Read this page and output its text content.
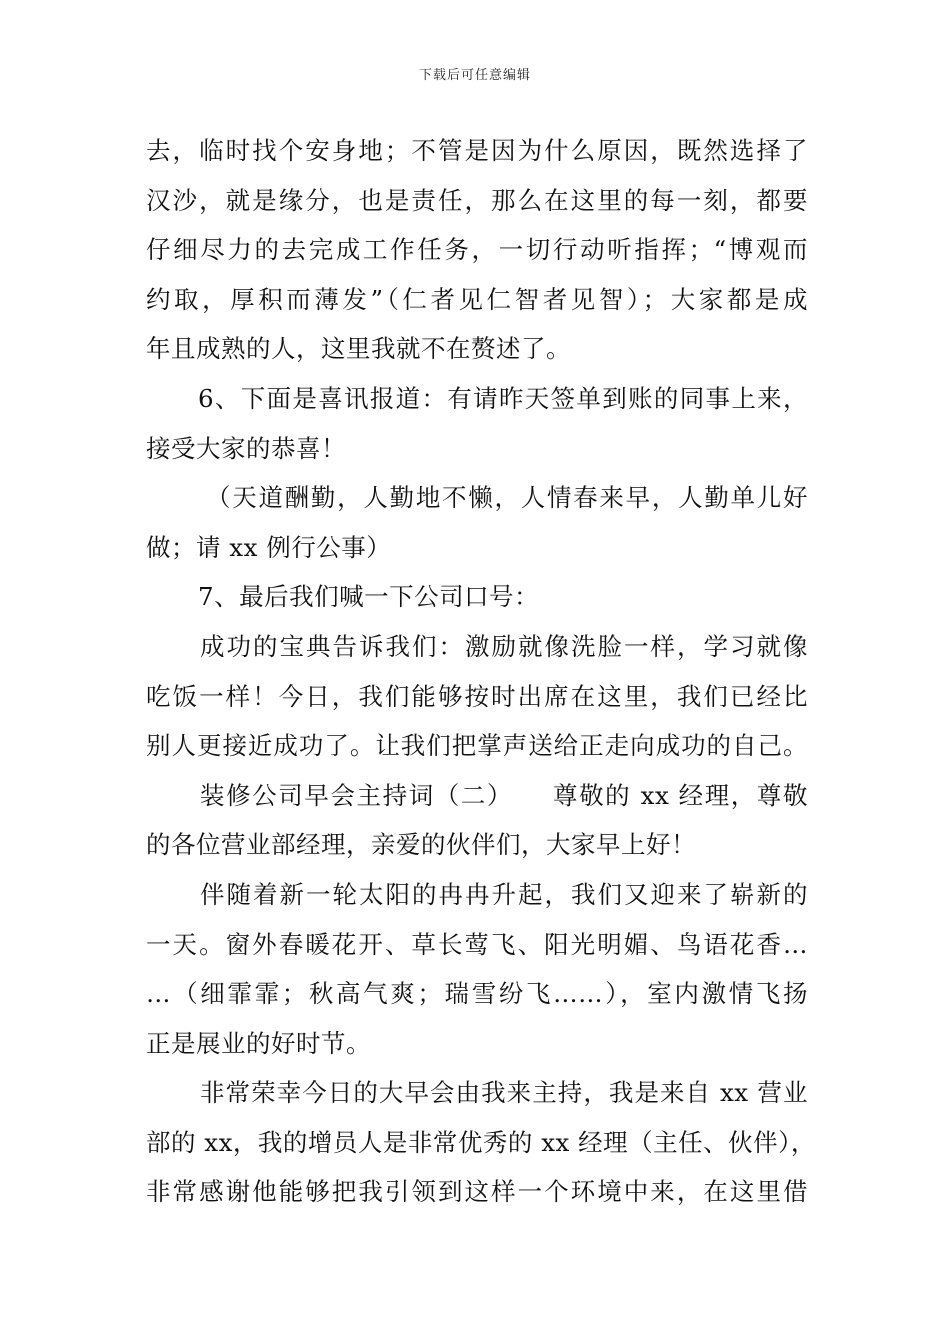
下载后可任意编辑
去，临时找个安身地；不管是因为什么原因，既然选择了
汉沙，就是缘分，也是责任，那么在这里的每一刻，都要
仔细尽力的去完成工作任务，一切行动听指挥；“博观而
约取，厚积而薄发”（仁者见仁智者见智）；大家都是成
年且成熟的人，这里我就不在赘述了。
6、下面是喜讯报道：有请昨天签单到账的同事上来，
接受大家的恭喜！
（天道酬勤，人勤地不懒，人情春来早，人勤单儿好
做；请 xx 例行公事）
7、最后我们喊一下公司口号：
成功的宝典告诉我们：激励就像洗脸一样，学习就像
吃饭一样！今日，我们能够按时出席在这里，我们已经比
别人更接近成功了。让我们把掌声送给正走向成功的自己。
装修公司早会主持词（二）　　尊敬的 xx 经理，尊敬
的各位营业部经理，亲爱的伙伴们，大家早上好！
伴随着新一轮太阳的冉冉升起，我们又迎来了崭新的
一天。窗外春暖花开、草长莺飞、阳光明媚、鸟语花香…
…（细霏霏；秋高气爽；瑞雪纷飞……），室内激情飞扬
正是展业的好时节。
非常荣幸今日的大早会由我来主持，我是来自 xx 营业
部的 xx，我的增员人是非常优秀的 xx 经理（主任、伙伴），
非常感谢他能够把我引领到这样一个环境中来，在这里借
